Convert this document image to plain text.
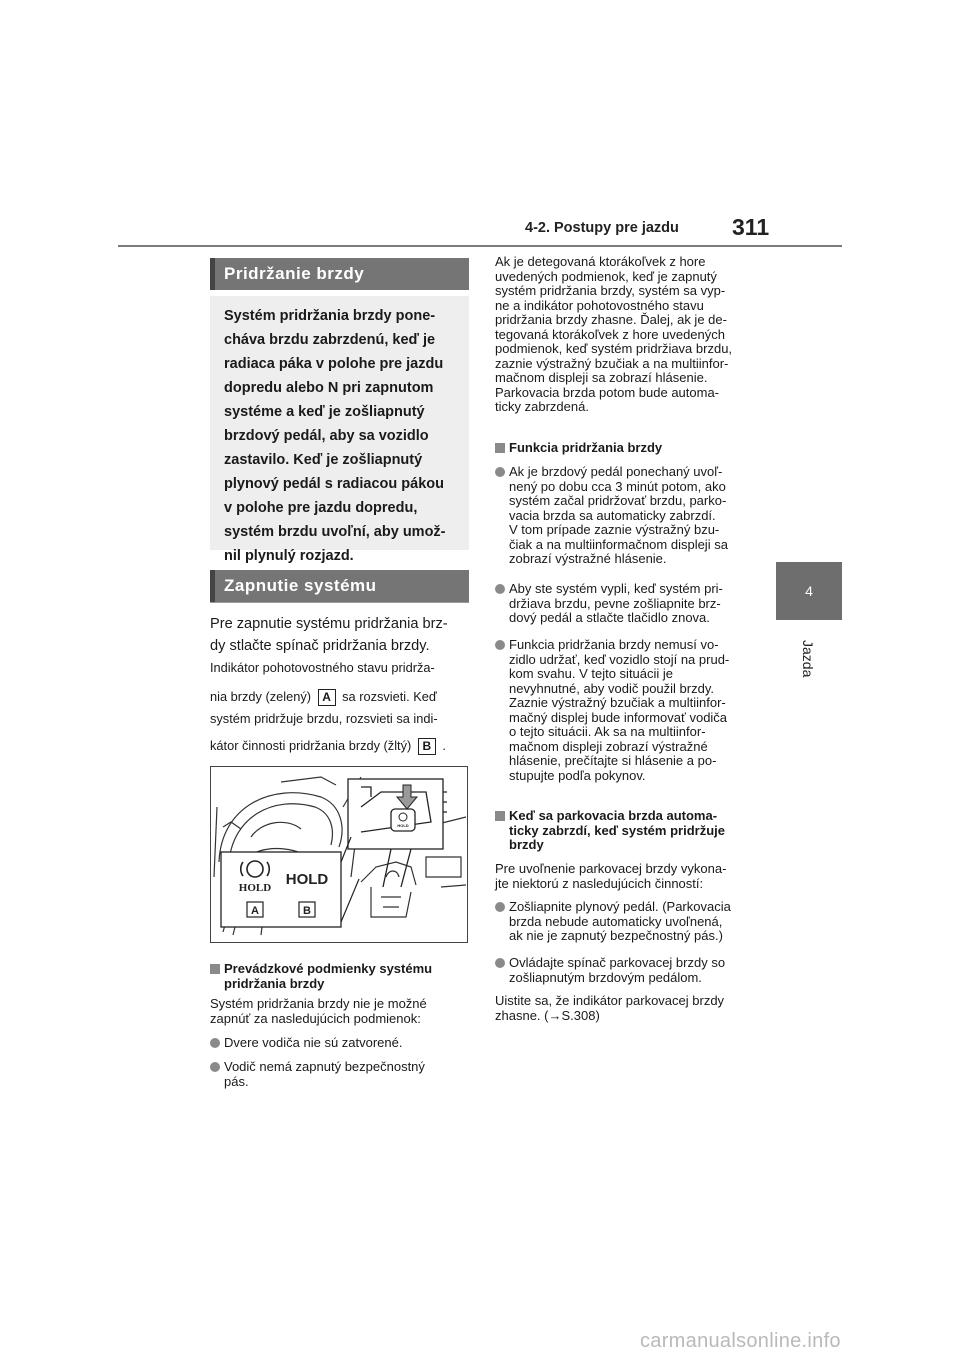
4-2. Postupy pre jazdu 311
4
Jazda
Pridržanie brzdy
Systém pridržania brzdy pone-
cháva brzdu zabrzdenú, keď je
radiaca páka v polohe pre jazdu
dopredu alebo N pri zapnutom
systéme a keď je zošliapnutý
brzdový pedál, aby sa vozidlo
zastavilo. Keď je zošliapnutý
plynový pedál s radiacou pákou
v polohe pre jazdu dopredu,
systém brzdu uvoľní, aby umož-
nil plynulý rozjazd.
Zapnutie systému
Pre zapnutie systému pridržania brz-
dy stlačte spínač pridržania brzdy.
Indikátor pohotovostného stavu pridrža-
nia brzdy (zelený) A sa rozsvieti. Keď
systém pridržuje brzdu, rozsvieti sa indi-
kátor činnosti pridržania brzdy (žltý) B .
HOLD
HOLD HOLD
A	B
Prevádzkové podmienky systému
pridržania brzdy
Systém pridržania brzdy nie je možné
zapnúť za nasledujúcich podmienok:
Dvere vodiča nie sú zatvorené.
Vodič nemá zapnutý bezpečnostný
pás.
Ak je detegovaná ktorákoľvek z hore
uvedených podmienok, keď je zapnutý
systém pridržania brzdy, systém sa vyp-
ne a indikátor pohotovostného stavu
pridržania brzdy zhasne. Ďalej, ak je de-
tegovaná ktorákoľvek z hore uvedených
podmienok, keď systém pridržiava brzdu,
zaznie výstražný bzučiak a na multiinfor-
mačnom displeji sa zobrazí hlásenie.
Parkovacia brzda potom bude automa-
ticky zabrzdená.
Funkcia pridržania brzdy
Ak je brzdový pedál ponechaný uvoľ-
nený po dobu cca 3 minút potom, ako
systém začal pridržovať brzdu, parko-
vacia brzda sa automaticky zabrzdí.
V tom prípade zaznie výstražný bzu-
čiak a na multiinformačnom displeji sa
zobrazí výstražné hlásenie.
Aby ste systém vypli, keď systém pri-
držiava brzdu, pevne zošliapnite brz-
dový pedál a stlačte tlačidlo znova.
Funkcia pridržania brzdy nemusí vo-
zidlo udržať, keď vozidlo stojí na prud-
kom svahu. V tejto situácii je
nevyhnutné, aby vodič použil brzdy.
Zaznie výstražný bzučiak a multiinfor-
mačný displej bude informovať vodiča
o tejto situácii. Ak sa na multiinfor-
mačnom displeji zobrazí výstražné
hlásenie, prečítajte si hlásenie a po-
stupujte podľa pokynov.
Keď sa parkovacia brzda automa-
ticky zabrzdí, keď systém pridržuje
brzdy
Pre uvoľnenie parkovacej brzdy vykona-
jte niektorú z nasledujúcich činností:
Zošliapnite plynový pedál. (Parkovacia
brzda nebude automaticky uvoľnená,
ak nie je zapnutý bezpečnostný pás.)
Ovládajte spínač parkovacej brzdy so
zošliapnutým brzdovým pedálom.
Uistite sa, že indikátor parkovacej brzdy
zhasne. (→S.308)
carmanualsonline.info
